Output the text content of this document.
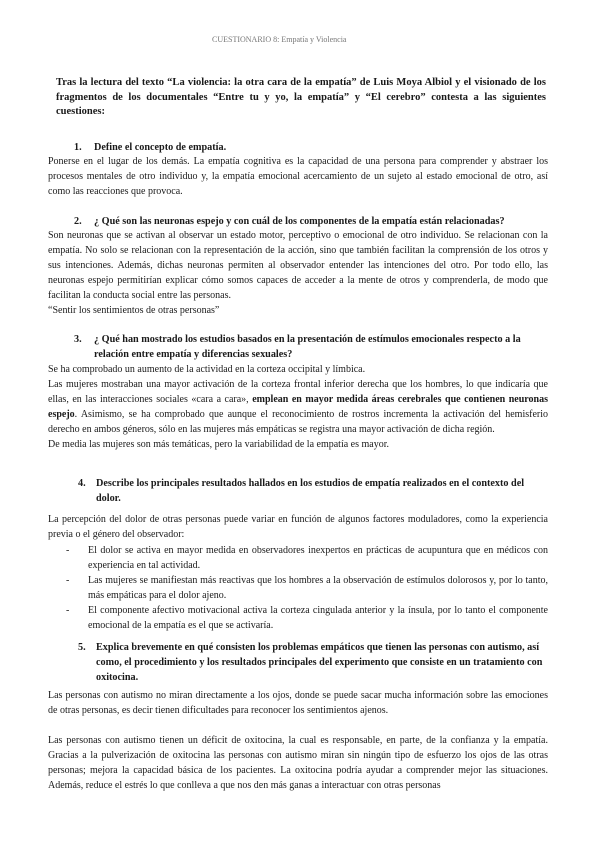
CUESTIONARIO 8: Empatía y Violencia
Tras la lectura del texto “La violencia: la otra cara de la empatía” de Luis Moya Albiol y el visionado de los fragmentos de los documentales “Entre tu y yo, la empatía” y “El cerebro” contesta a las siguientes cuestiones:
1.	Define el concepto de empatía.

Ponerse en el lugar de los demás. La empatía cognitiva es la capacidad de una persona para comprender y abstraer los procesos mentales de otro individuo y, la empatía emocional acercamiento de un sujeto al estado emocional de otro, así como las reacciones que provoca.

2.	¿ Qué son las neuronas espejo y con cuál de los componentes de la empatía están relacionadas?

Son neuronas que se activan al observar un estado motor, perceptivo o emocional de otro individuo. Se relacionan con la empatía. No solo se relacionan con la representación de la acción, sino que también facilitan la comprensión de los otros y sus intenciones. Además, dichas neuronas permiten al observador entender las intenciones del otro. Por todo ello, las neuronas espejo permitirían explicar cómo somos capaces de acceder a la mente de otros y comprenderla, de modo que facilitan la conducta social entre las personas.

“Sentir los sentimientos de otras personas”

3.	¿ Qué han mostrado los estudios basados en la presentación de estímulos emocionales respecto a la relación entre empatía y diferencias sexuales?

Se ha comprobado un aumento de la actividad en la corteza occipital y límbica.

Las mujeres mostraban una mayor activación de la corteza frontal inferior derecha que los hombres, lo que indicaría que ellas, en las interacciones sociales «cara a cara», emplean en mayor medida áreas cerebrales que contienen neuronas espejo. Asimismo, se ha comprobado que aunque el reconocimiento de rostros incrementa la activación del hemisferio derecho en ambos géneros, sólo en las mujeres más empáticas se registra una mayor activación de dicha región.

De media las mujeres son más temáticas, pero la variabilidad de la empatía es mayor.

4.	Describe los principales resultados hallados en los estudios de empatía realizados en el contexto del dolor.

La percepción del dolor de otras personas puede variar en función de algunos factores moduladores, como la experiencia previa o el género del observador:

- El dolor se activa en mayor medida en observadores inexpertos en prácticas de acupuntura que en médicos con experiencia en tal actividad.
- Las mujeres se manifiestan más reactivas que los hombres a la observación de estímulos dolorosos y, por lo tanto, más empáticas para el dolor ajeno.
- El componente afectivo motivacional activa la corteza cingulada anterior y la ínsula, por lo tanto el componente emocional de la empatía es el que se activaría.
5.	Explica brevemente en qué consisten los problemas empáticos que tienen las personas con autismo, así como, el procedimiento y los resultados principales del experimento que consiste en un tratamiento con oxitocina.

Las personas con autismo no miran directamente a los ojos, donde se puede sacar mucha información sobre las emociones de otras personas, es decir tienen dificultades para reconocer los sentimientos ajenos.

Las personas con autismo tienen un déficit de oxitocina, la cual es responsable, en parte, de la confianza y la empatía. Gracias a la pulverización de oxitocina las personas con autismo miran sin ningún tipo de esfuerzo los ojos de las otras personas; mejora la capacidad básica de los pacientes. La oxitocina podría ayudar a comprender mejor las situaciones. Además, reduce el estrés lo que conlleva a que nos den más ganas a interactuar con otras personas
